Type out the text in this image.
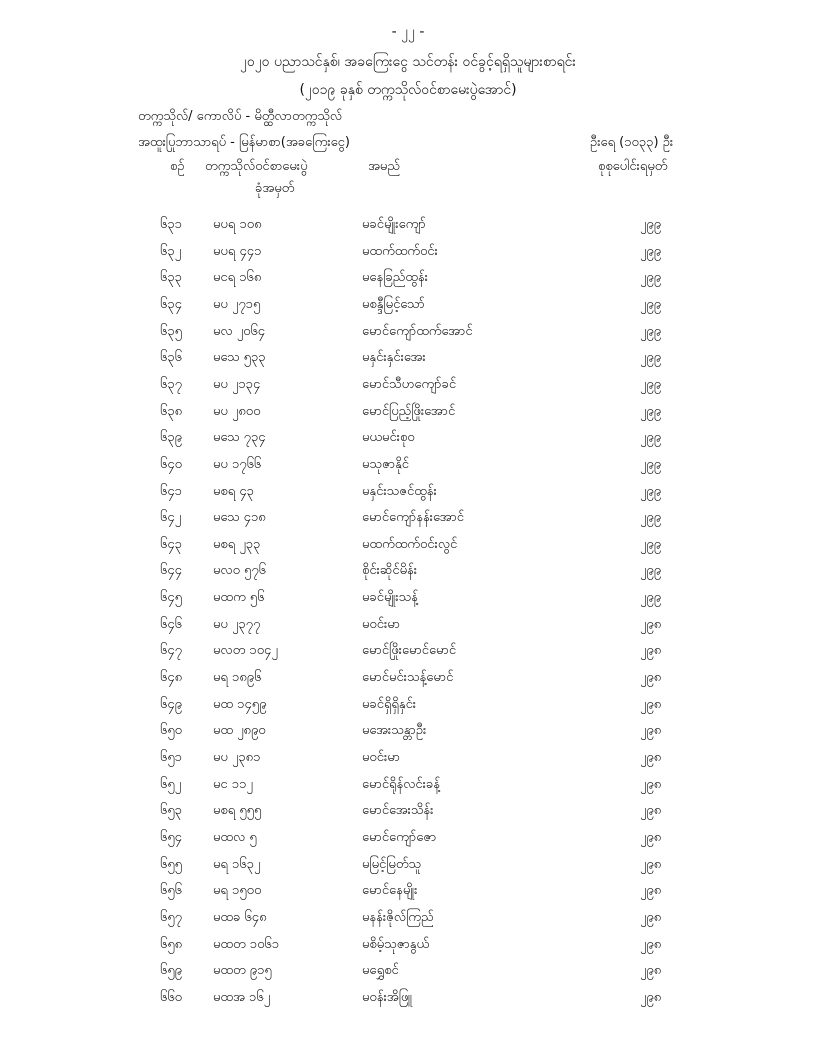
- ၂၂ -
၂၀၂၀ ပညာသင်နှစ်၊ အခကြေးငွေ သင်တန်း ဝင်ခွင့်ရရှိသူများစာရင်း
(၂၀၁၉ ခုနှစ် တက္ကသိုလ်ဝင်စာမေးပွဲအောင်)
တက္ကသိုလ်/ ကောလိပ် - မိတ္ထီလာတက္ကသိုလ်
အထူးပြုဘာသာရပ် - မြန်မာစာ(အခကြေးငွေ)	ဦးရေ (၁၀၃၃) ဦး
စဉ် တက္ကသိုလ်ဝင်စာမေးပွဲ
ခုံအမှတ်
အမည်	စုစုပေါင်းရမှတ်
၆၃၁ မပရ ၁၀၈	မခင်မျိုးကျော်	၂၉၉
၆၃၂ မပရ ၄၄၁	မထက်ထက်ဝင်း	၂၉၉
၆၃၃ မငရ ၁၆၈	မနေခြည်ထွန်း	၂၉၉
၆၃၄ မပ ၂၇၁၅	မစန္ဒီမြင့်သော်	၂၉၉
၆၃၅ မလ ၂၀၆၄	မောင်ကျော်ထက်အောင်	၂၉၉
၆၃၆ မသေ ၅၃၃	မနှင်းနှင်းအေး	၂၉၉
၆၃၇ မပ ၂၁၃၄	မောင်သီဟကျော်ခင်	၂၉၉
၆၃၈ မပ ၂၈၀၀	မောင်ပြည့်ဖြိုးအောင်	၂၉၉
၆၃၉ မသေ ၇၃၄	မယမင်းစု၀	၂၉၉
၆၄၀ မပ ၁၇၆၆	မသုဇာနိုင်	၂၉၉
၆၄၁ မစရ ၄၃	မနှင်းသဇင်ထွန်း	၂၉၉
၆၄၂ မသေ ၄၁၈	မောင်ကျော်နန်းအောင်	၂၉၉
၆၄၃ မစရ ၂၃၃	မထက်ထက်ဝင်းလွင်	၂၉၉
၆၄၄ မလဝ ၅၇၆	စိုင်းဆိုင်မိန်း	၂၉၉
၆၄၅ မထက ၅၆	မခင်မျိုးသန့်	၂၉၉
၆၄၆ မပ ၂၃၇၇	မဝင်းမာ	၂၉၈
၆၄၇ မလတ ၁၀၄၂	မောင်ဖြိုးမောင်မောင်	၂၉၈
၆၄၈ မရ ၁၈၉၆	မောင်မင်းသန့်မောင်	၂၉၈
၆၄၉ မထ ၁၄၅၉	မခင်ရှိရှိနှင်း	၂၉၈
၆၅၀ မထ ၂၈၉၀	မအေးသန္တာဦး	၂၉၈
၆၅၁ မပ ၂၃၈၁	မဝင်းမာ	၂၉၈
၆၅၂ မင ၁၁၂	မောင်ရိုန်လင်းခန့်	၂၉၈
၆၅၃ မစရ ၅၅၅	မောင်အေးသိန်း	၂၉၈
၆၅၄ မထလ ၅	မောင်ကျော်ဇော	၂၉၈
၆၅၅ မရ ၁၆၃၂	မမြင့်မြတ်သူ	၂၉၈
၆၅၆ မရ ၁၅၀၀	မောင်နေမျိုး	၂၉၈
၆၅၇ မထခ ၆၄၈	မနန်းဇိုလ်ကြည်	၂၉၈
၆၅၈ မထတ ၁၀၆၁	မစိမ့်သုဇာနွယ်	၂၉၈
၆၅၉ မထတ ၉၁၅	မရွှေစင်	၂၉၈
၆၆၀ မထအ ၁၆၂	မဝန်းအိဖြူ	၂၉၈
